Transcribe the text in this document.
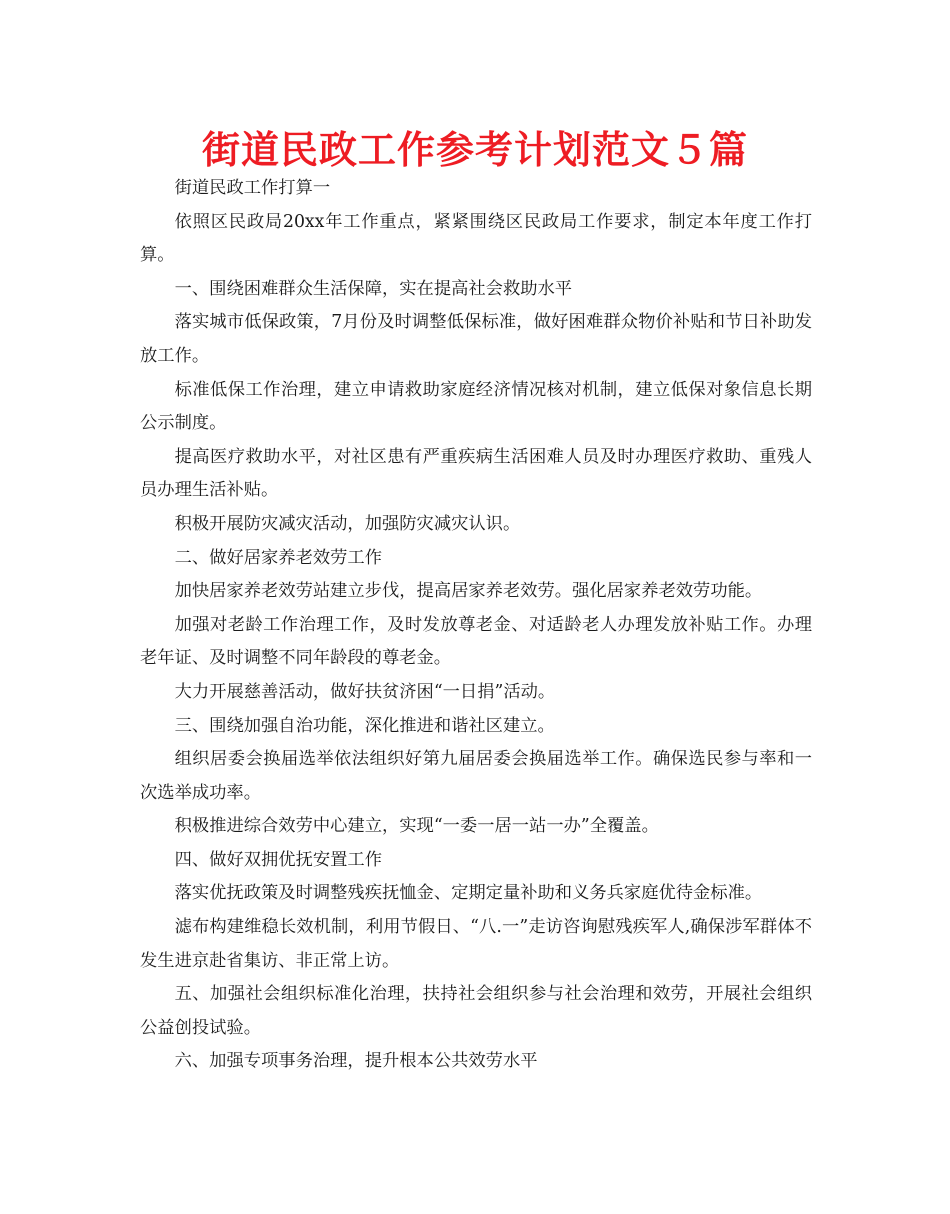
街道民政工作参考计划范文５篇

街道民政工作打算一

依照区民政局20xx年工作重点，紧紧围绕区民政局工作要求，制定本年度工作打算。

一、围绕困难群众生活保障，实在提高社会救助水平

落实城市低保政策，7月份及时调整低保标准，做好困难群众物价补贴和节日补助发放工作。

标准低保工作治理，建立申请救助家庭经济情况核对机制，建立低保对象信息长期公示制度。

提高医疗救助水平，对社区患有严重疾病生活困难人员及时办理医疗救助、重残人员办理生活补贴。

积极开展防灾减灾活动，加强防灾减灾认识。

二、做好居家养老效劳工作

加快居家养老效劳站建立步伐，提高居家养老效劳。强化居家养老效劳功能。

加强对老龄工作治理工作，及时发放尊老金、对适龄老人办理发放补贴工作。办理老年证、及时调整不同年龄段的尊老金。

大力开展慈善活动，做好扶贫济困“一日捐”活动。

三、围绕加强自治功能，深化推进和谐社区建立。

组织居委会换届选举依法组织好第九届居委会换届选举工作。确保选民参与率和一次选举成功率。

积极推进综合效劳中心建立，实现“一委一居一站一办”全覆盖。

四、做好双拥优抚安置工作

落实优抚政策及时调整残疾抚恤金、定期定量补助和义务兵家庭优待金标准。

滤布构建维稳长效机制，利用节假日、“八.一”走访咨询慰残疾军人,确保涉军群体不发生进京赴省集访、非正常上访。

五、加强社会组织标准化治理，扶持社会组织参与社会治理和效劳，开展社会组织公益创投试验。

六、加强专项事务治理，提升根本公共效劳水平
